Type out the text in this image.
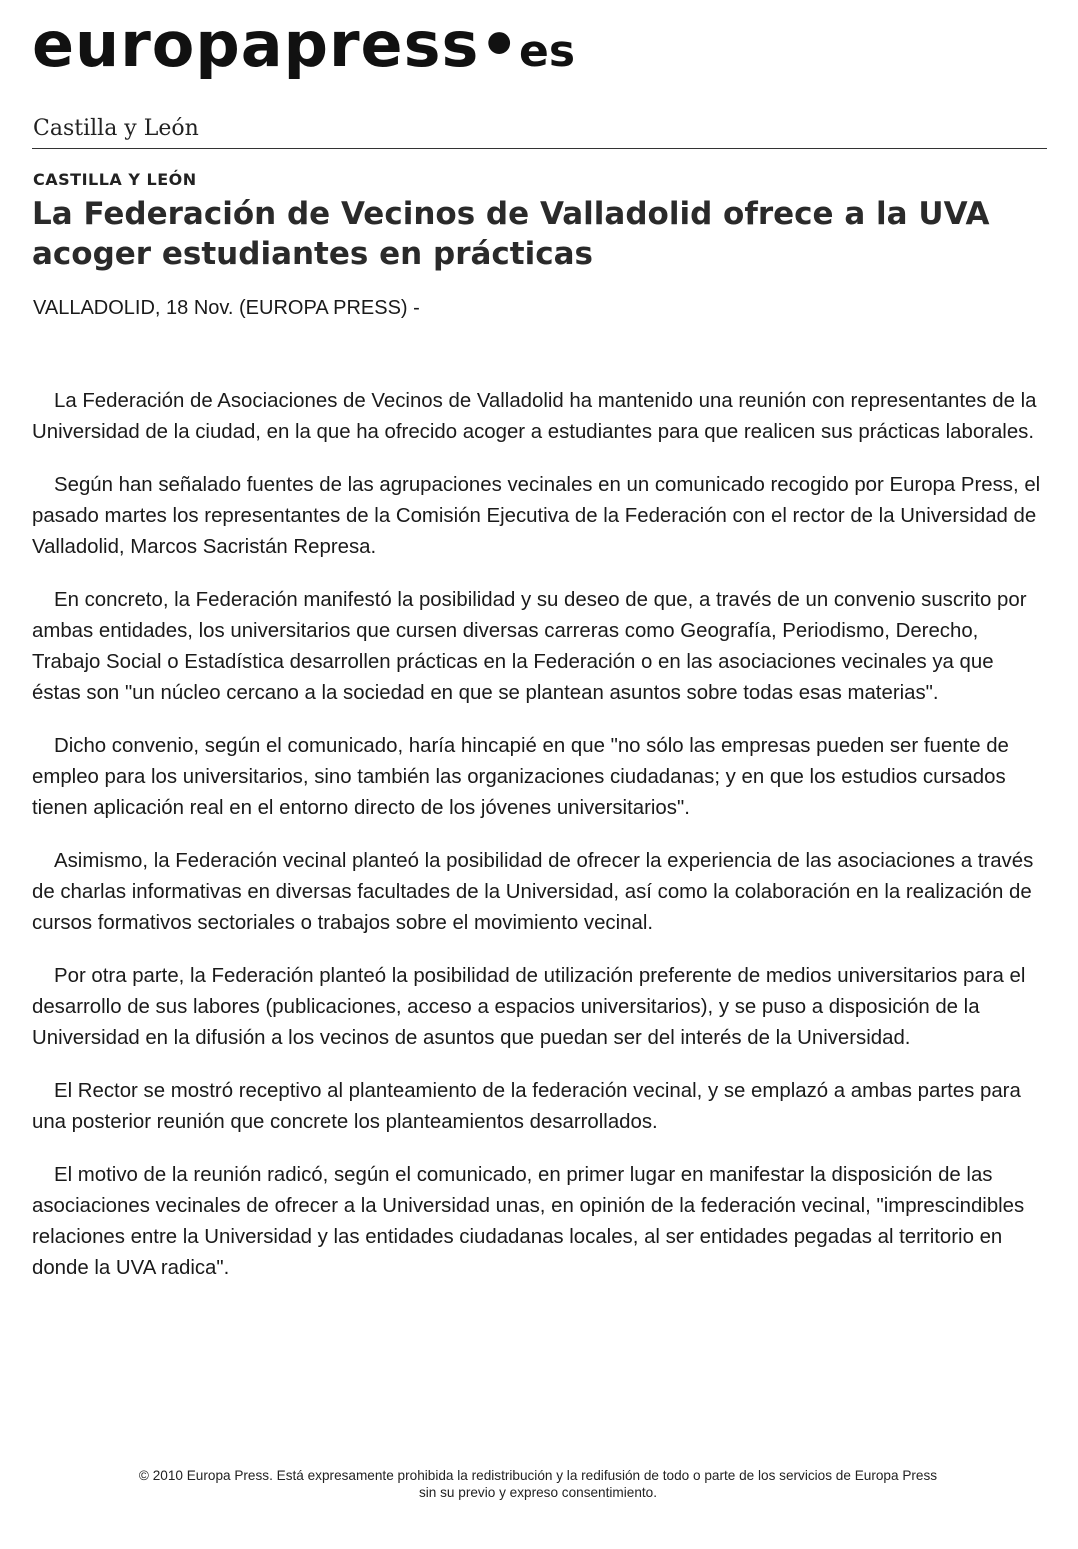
europapress•es
Castilla y León
CASTILLA Y LEÓN
La Federación de Vecinos de Valladolid ofrece a la UVA acoger estudiantes en prácticas
VALLADOLID, 18 Nov. (EUROPA PRESS) -

La Federación de Asociaciones de Vecinos de Valladolid ha mantenido una reunión con representantes de la Universidad de la ciudad, en la que ha ofrecido acoger a estudiantes para que realicen sus prácticas laborales.

Según han señalado fuentes de las agrupaciones vecinales en un comunicado recogido por Europa Press, el pasado martes los representantes de la Comisión Ejecutiva de la Federación con el rector de la Universidad de Valladolid, Marcos Sacristán Represa.

En concreto, la Federación manifestó la posibilidad y su deseo de que, a través de un convenio suscrito por ambas entidades, los universitarios que cursen diversas carreras como Geografía, Periodismo, Derecho, Trabajo Social o Estadística desarrollen prácticas en la Federación o en las asociaciones vecinales ya que éstas son "un núcleo cercano a la sociedad en que se plantean asuntos sobre todas esas materias".

Dicho convenio, según el comunicado, haría hincapié en que "no sólo las empresas pueden ser fuente de empleo para los universitarios, sino también las organizaciones ciudadanas; y en que los estudios cursados tienen aplicación real en el entorno directo de los jóvenes universitarios".

Asimismo, la Federación vecinal planteó la posibilidad de ofrecer la experiencia de las asociaciones a través de charlas informativas en diversas facultades de la Universidad, así como la colaboración en la realización de cursos formativos sectoriales o trabajos sobre el movimiento vecinal.

Por otra parte, la Federación planteó la posibilidad de utilización preferente de medios universitarios para el desarrollo de sus labores (publicaciones, acceso a espacios universitarios), y se puso a disposición de la Universidad en la difusión a los vecinos de asuntos que puedan ser del interés de la Universidad.

El Rector se mostró receptivo al planteamiento de la federación vecinal, y se emplazó a ambas partes para una posterior reunión que concrete los planteamientos desarrollados.

El motivo de la reunión radicó, según el comunicado, en primer lugar en manifestar la disposición de las asociaciones vecinales de ofrecer a la Universidad unas, en opinión de la federación vecinal, "imprescindibles relaciones entre la Universidad y las entidades ciudadanas locales, al ser entidades pegadas al territorio en donde la UVA radica".

© 2010 Europa Press. Está expresamente prohibida la redistribución y la redifusión de todo o parte de los servicios de Europa Press
sin su previo y expreso consentimiento.
